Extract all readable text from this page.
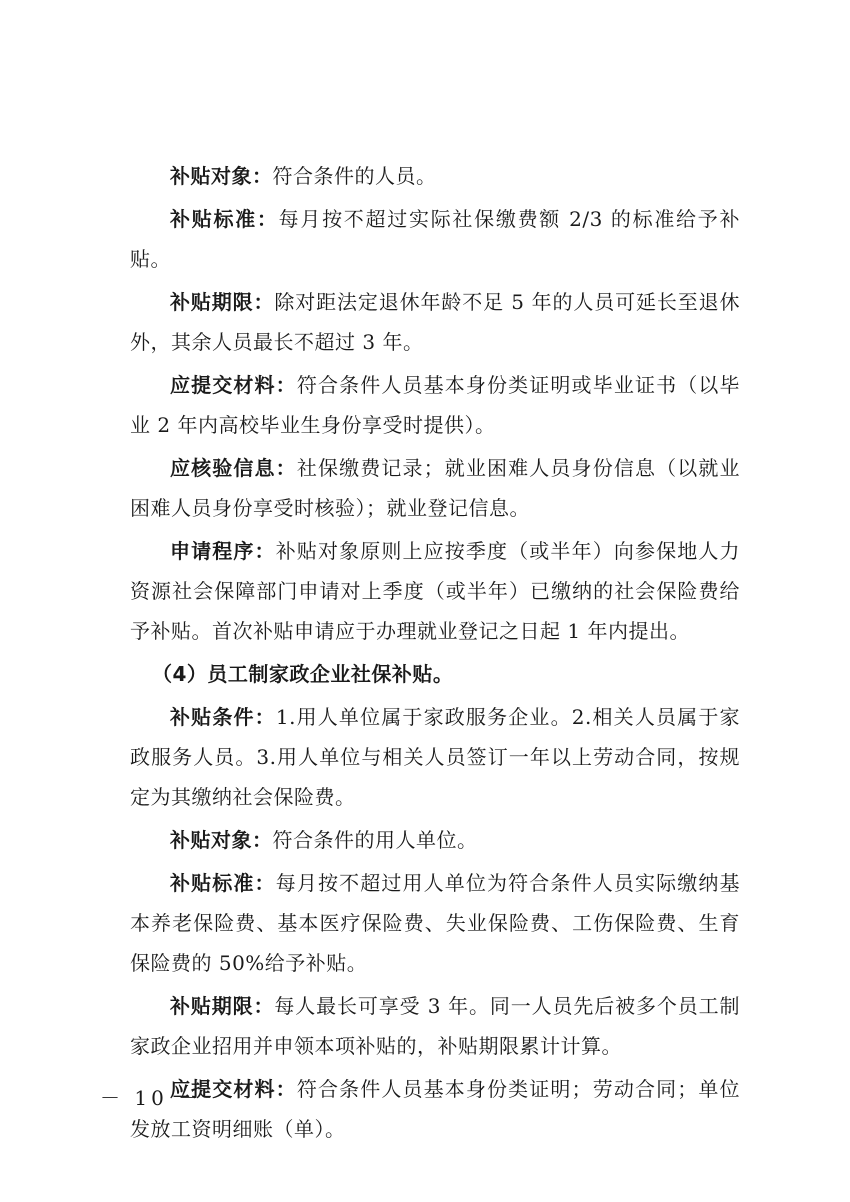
补贴对象：符合条件的人员。

补贴标准：每月按不超过实际社保缴费额 2/3 的标准给予补贴。

补贴期限：除对距法定退休年龄不足 5 年的人员可延长至退休外，其余人员最长不超过 3 年。

应提交材料：符合条件人员基本身份类证明或毕业证书（以毕业 2 年内高校毕业生身份享受时提供）。

应核验信息：社保缴费记录；就业困难人员身份信息（以就业困难人员身份享受时核验）；就业登记信息。

申请程序：补贴对象原则上应按季度（或半年）向参保地人力资源社会保障部门申请对上季度（或半年）已缴纳的社会保险费给予补贴。首次补贴申请应于办理就业登记之日起 1 年内提出。

（4）员工制家政企业社保补贴。

补贴条件：1.用人单位属于家政服务企业。2.相关人员属于家政服务人员。3.用人单位与相关人员签订一年以上劳动合同，按规定为其缴纳社会保险费。

补贴对象：符合条件的用人单位。

补贴标准：每月按不超过用人单位为符合条件人员实际缴纳基本养老保险费、基本医疗保险费、失业保险费、工伤保险费、生育保险费的 50%给予补贴。

补贴期限：每人最长可享受 3 年。同一人员先后被多个员工制家政企业招用并申领本项补贴的，补贴期限累计计算。

应提交材料：符合条件人员基本身份类证明；劳动合同；单位发放工资明细账（单）。

－ 10 －
